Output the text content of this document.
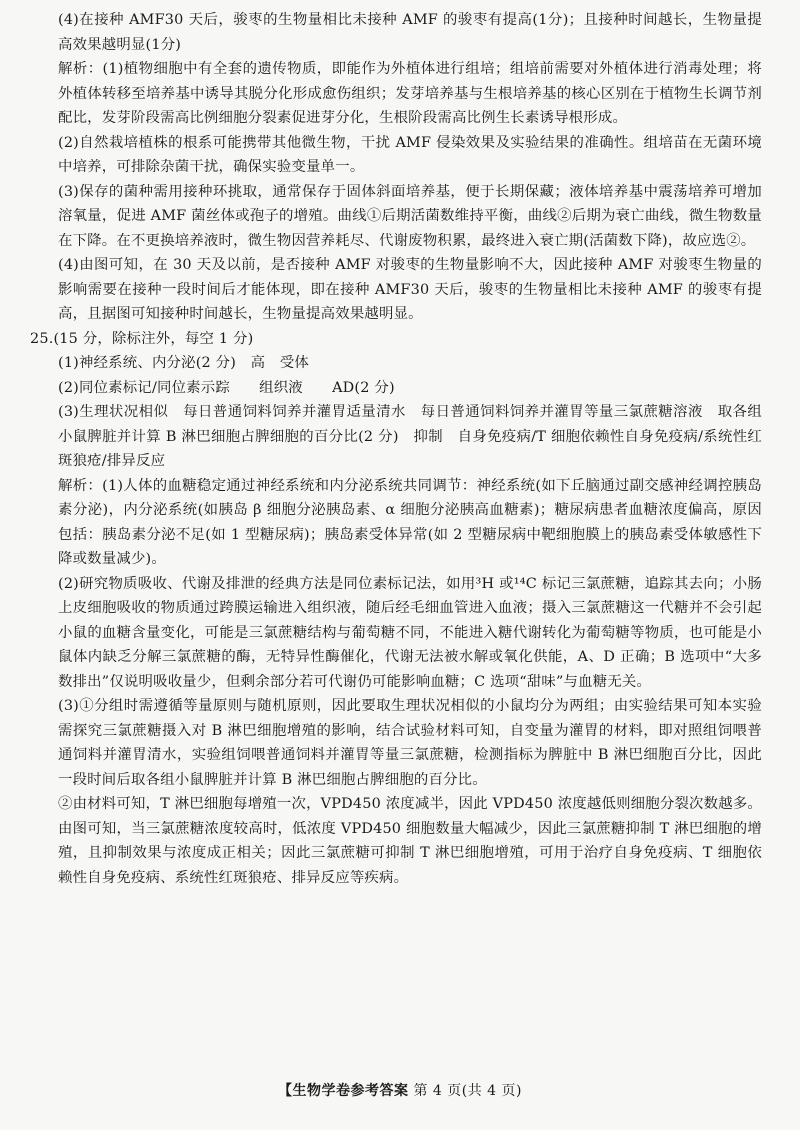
(4)在接种 AMF30 天后，骏枣的生物量相比未接种 AMF 的骏枣有提高(1分)；且接种时间越长，生物量提高效果越明显(1分)

解析：(1)植物细胞中有全套的遗传物质，即能作为外植体进行组培；组培前需要对外植体进行消毒处理；将外植体转移至培养基中诱导其脱分化形成愈伤组织；发芽培养基与生根培养基的核心区别在于植物生长调节剂配比，发芽阶段需高比例细胞分裂素促进芽分化，生根阶段需高比例生长素诱导根形成。

(2)自然栽培植株的根系可能携带其他微生物，干扰 AMF 侵染效果及实验结果的准确性。组培苗在无菌环境中培养，可排除杂菌干扰，确保实验变量单一。

(3)保存的菌种需用接种环挑取，通常保存于固体斜面培养基，便于长期保藏；液体培养基中震荡培养可增加溶氧量，促进 AMF 菌丝体或孢子的增殖。曲线①后期活菌数维持平衡，曲线②后期为衰亡曲线，微生物数量在下降。在不更换培养液时，微生物因营养耗尽、代谢废物积累，最终进入衰亡期(活菌数下降)，故应选②。

(4)由图可知，在 30 天及以前，是否接种 AMF 对骏枣的生物量影响不大，因此接种 AMF 对骏枣生物量的影响需要在接种一段时间后才能体现，即在接种 AMF30 天后，骏枣的生物量相比未接种 AMF 的骏枣有提高，且据图可知接种时间越长，生物量提高效果越明显。

25.(15 分，除标注外，每空 1 分)

(1)神经系统、内分泌(2 分)　高　受体

(2)同位素标记/同位素示踪　　组织液　　AD(2 分)

(3)生理状况相似　每日普通饲料饲养并灌胃适量清水　每日普通饲料饲养并灌胃等量三氯蔗糖溶液　取各组小鼠脾脏并计算 B 淋巴细胞占脾细胞的百分比(2 分)　抑制　自身免疫病/T 细胞依赖性自身免疫病/系统性红斑狼疮/排异反应

解析：(1)人体的血糖稳定通过神经系统和内分泌系统共同调节：神经系统(如下丘脑通过副交感神经调控胰岛素分泌)，内分泌系统(如胰岛 β 细胞分泌胰岛素、α 细胞分泌胰高血糖素)；糖尿病患者血糖浓度偏高，原因包括：胰岛素分泌不足(如 1 型糖尿病)；胰岛素受体异常(如 2 型糖尿病中靶细胞膜上的胰岛素受体敏感性下降或数量减少)。

(2)研究物质吸收、代谢及排泄的经典方法是同位素标记法，如用³H 或¹⁴C 标记三氯蔗糖，追踪其去向；小肠上皮细胞吸收的物质通过跨膜运输进入组织液，随后经毛细血管进入血液；摄入三氯蔗糖这一代糖并不会引起小鼠的血糖含量变化，可能是三氯蔗糖结构与葡萄糖不同，不能进入糖代谢转化为葡萄糖等物质，也可能是小鼠体内缺乏分解三氯蔗糖的酶，无特异性酶催化，代谢无法被水解或氧化供能，A、D 正确；B 选项中“大多数排出”仅说明吸收量少，但剩余部分若可代谢仍可能影响血糖；C 选项“甜味”与血糖无关。

(3)①分组时需遵循等量原则与随机原则，因此要取生理状况相似的小鼠均分为两组；由实验结果可知本实验需探究三氯蔗糖摄入对 B 淋巴细胞增殖的影响，结合试验材料可知，自变量为灌胃的材料，即对照组饲喂普通饲料并灌胃清水，实验组饲喂普通饲料并灌胃等量三氯蔗糖，检测指标为脾脏中 B 淋巴细胞百分比，因此一段时间后取各组小鼠脾脏并计算 B 淋巴细胞占脾细胞的百分比。

②由材料可知，T 淋巴细胞每增殖一次，VPD450 浓度减半，因此 VPD450 浓度越低则细胞分裂次数越多。由图可知，当三氯蔗糖浓度较高时，低浓度 VPD450 细胞数量大幅减少，因此三氯蔗糖抑制 T 淋巴细胞的增殖，且抑制效果与浓度成正相关；因此三氯蔗糖可抑制 T 淋巴细胞增殖，可用于治疗自身免疫病、T 细胞依赖性自身免疫病、系统性红斑狼疮、排异反应等疾病。

【生物学卷参考答案 第 4 页(共 4 页)
